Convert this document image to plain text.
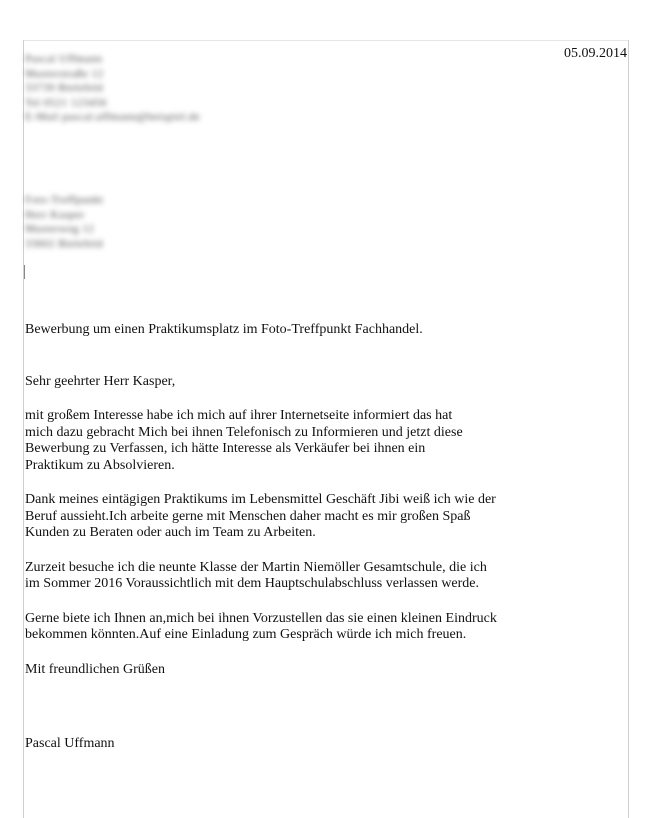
05.09.2014
Pascal Uffmann
Musterstraße 12
33739 Bielefeld
Tel 0521 123456
E-Mail pascal.uffmann@beispiel.de
Foto-Treffpunkt
Herr Kasper
Musterweg 12
33602 Bielefeld

Bewerbung um einen Praktikumsplatz im Foto-Treffpunkt Fachhandel.

Sehr geehrter Herr Kasper,

mit großem Interesse habe ich mich auf ihrer Internetseite informiert das hat
mich dazu gebracht Mich bei ihnen Telefonisch zu Informieren und jetzt diese
Bewerbung zu Verfassen, ich hätte Interesse als Verkäufer bei ihnen ein
Praktikum zu Absolvieren.

Dank meines eintägigen Praktikums im Lebensmittel Geschäft Jibi weiß ich wie der
Beruf aussieht.Ich arbeite gerne mit Menschen daher macht es mir großen Spaß
Kunden zu Beraten oder auch im Team zu Arbeiten.

Zurzeit besuche ich die neunte Klasse der Martin Niemöller Gesamtschule, die ich
im Sommer 2016 Voraussichtlich mit dem Hauptschulabschluss verlassen werde.

Gerne biete ich Ihnen an,mich bei ihnen Vorzustellen das sie einen kleinen Eindruck
bekommen könnten.Auf eine Einladung zum Gespräch würde ich mich freuen.

Mit freundlichen Grüßen

Pascal Uffmann
